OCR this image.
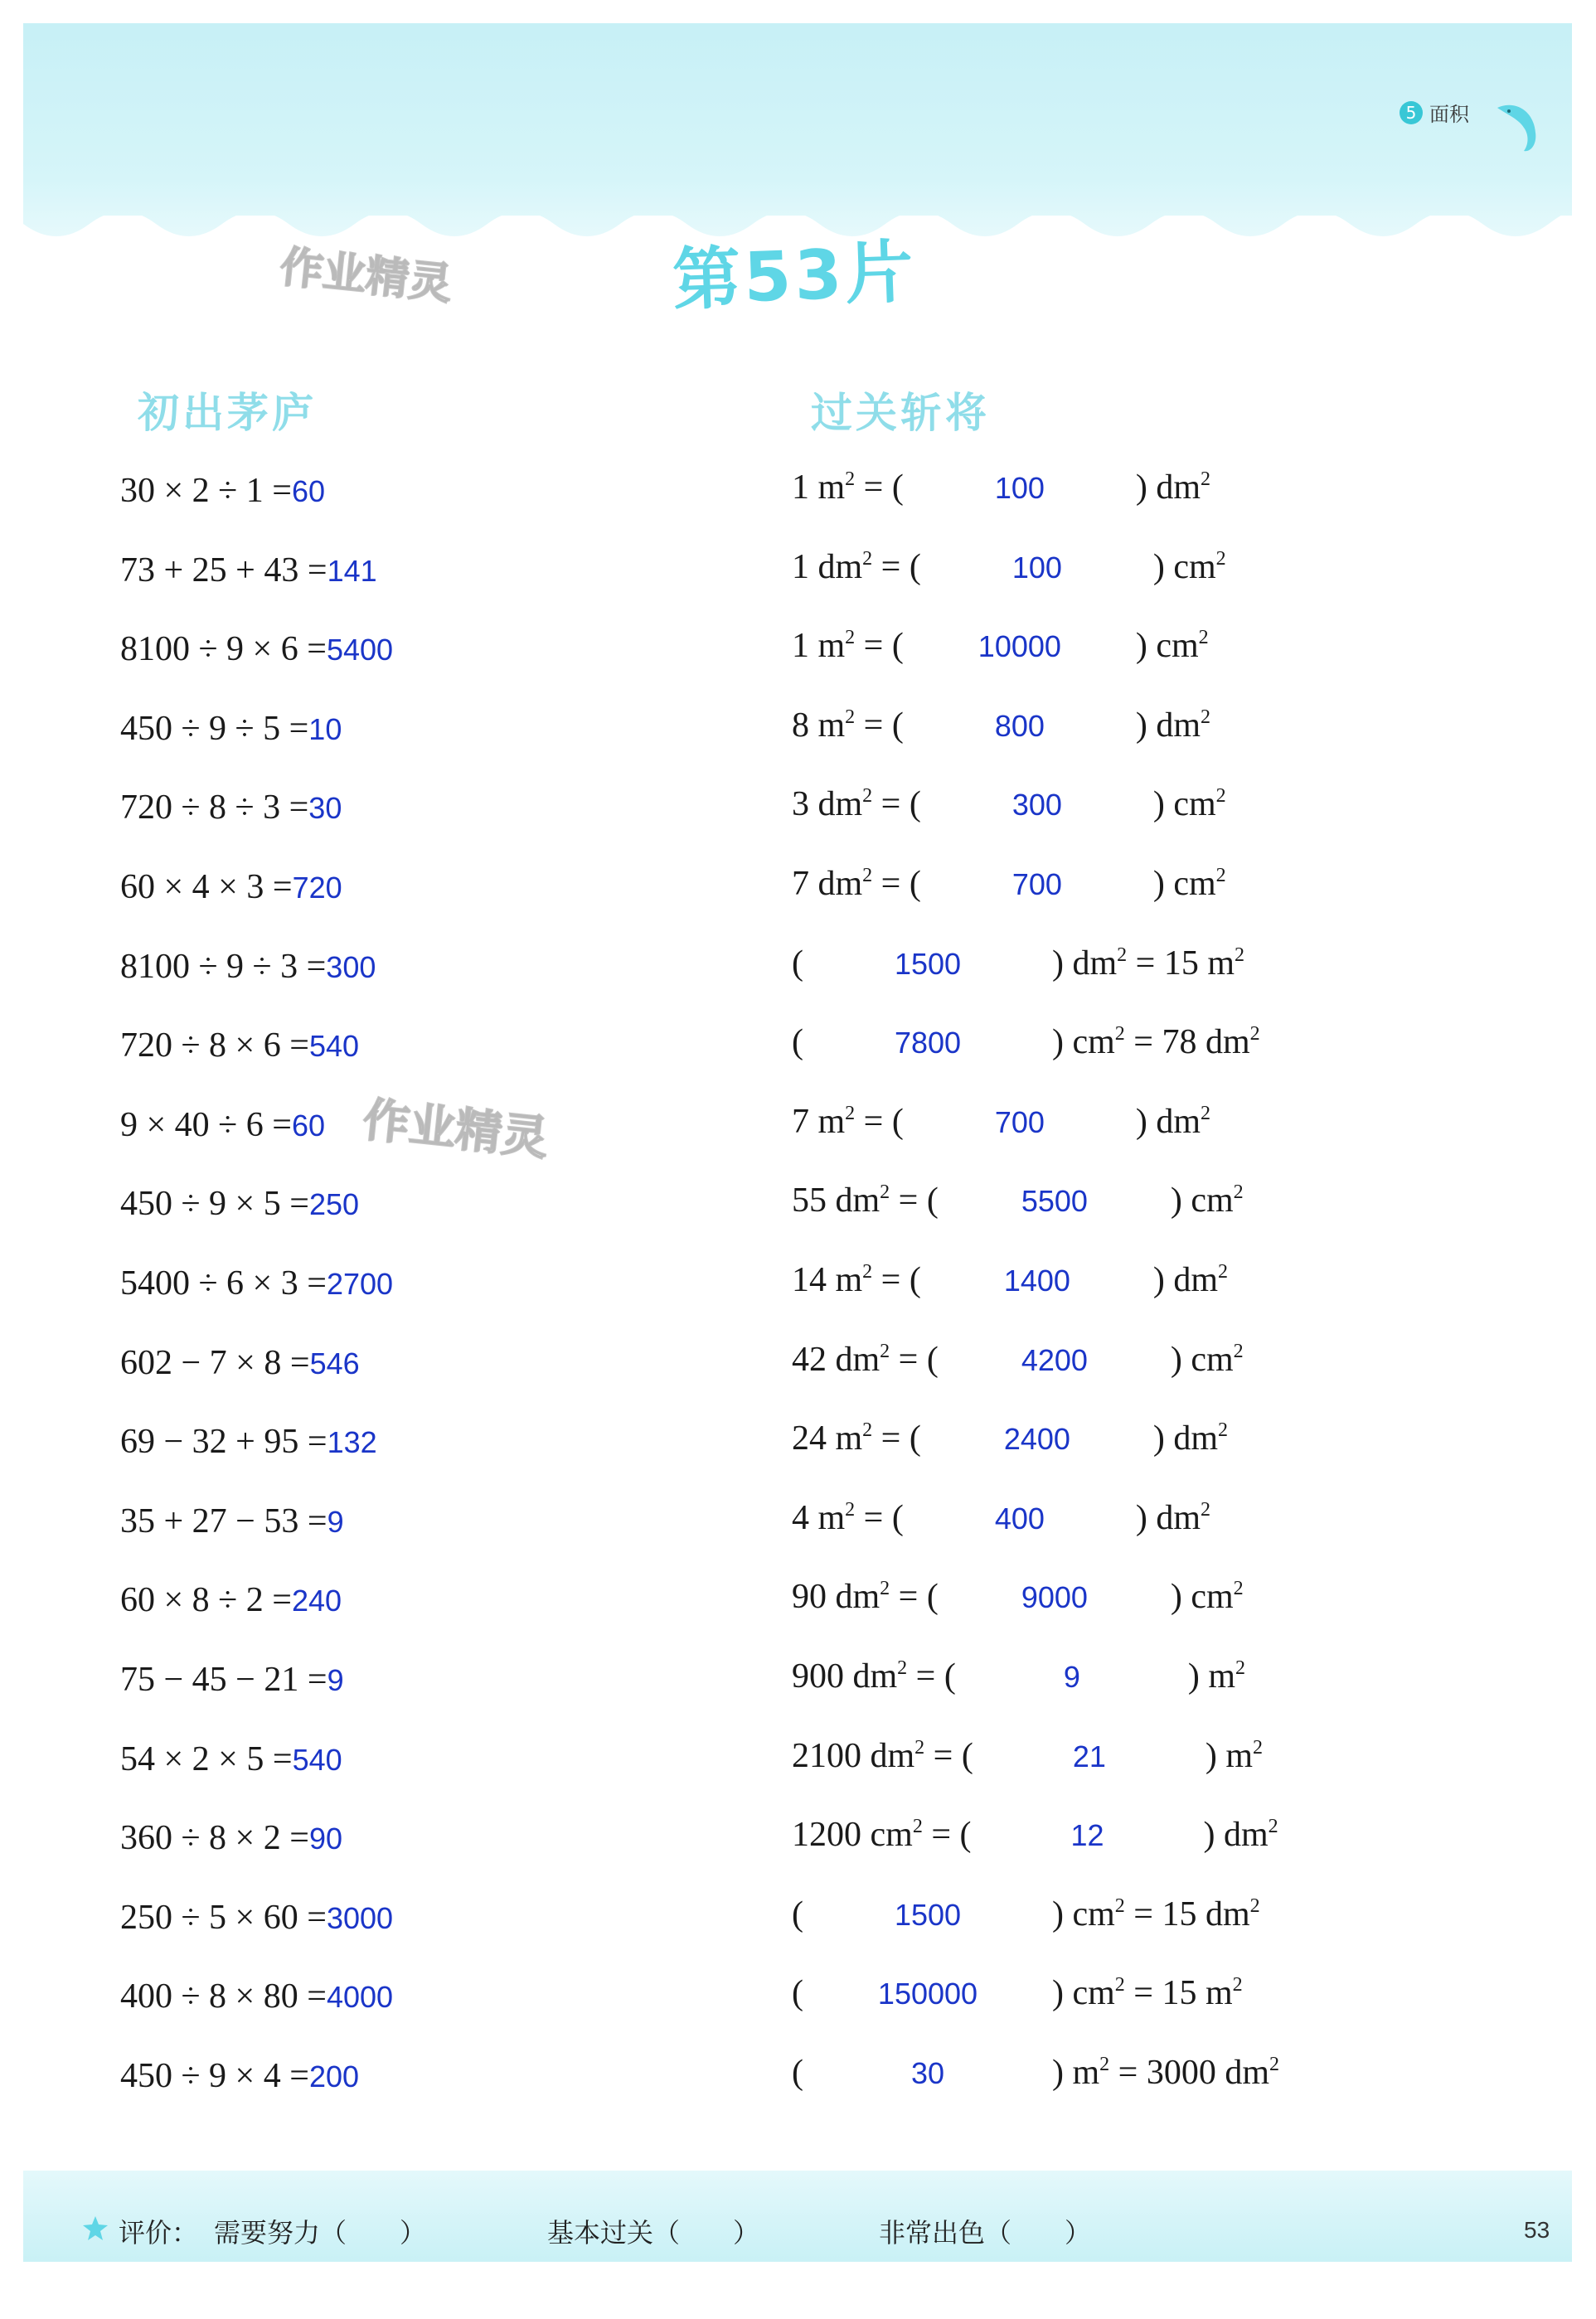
5 面积
第53片
作业精灵
作业精灵
初出茅庐	过关斩将
30 × 2 ÷ 1 =60
73 + 25 + 43 =141
8100 ÷ 9 × 6 =5400
450 ÷ 9 ÷ 5 =10
720 ÷ 8 ÷ 3 =30
60 × 4 × 3 =720
8100 ÷ 9 ÷ 3 =300
720 ÷ 8 × 6 =540
9 × 40 ÷ 6 =60
450 ÷ 9 × 5 =250
5400 ÷ 6 × 3 =2700
602 − 7 × 8 =546
69 − 32 + 95 =132
35 + 27 − 53 =9
60 × 8 ÷ 2 =240
75 − 45 − 21 =9
54 × 2 × 5 =540
360 ÷ 8 × 2 =90
250 ÷ 5 × 60 =3000
400 ÷ 8 × 80 =4000
450 ÷ 9 × 4 =200
1 $m^2$ = (	100	) $dm^2$
1 $dm^2$ = (	100	) $cm^2$
1 $m^2$ = ( 10000 ) $cm^2$
8 $m^2$ = (	800	) $dm^2$
3 $dm^2$ = (	300	) $cm^2$
7 $dm^2$ = (	700	) $cm^2$
(	1500	) $dm^2 = 15$ $m^2$
(	7800	) $cm^2 = 78$ $dm^2$
7 $m^2$ = (	700	) $dm^2$
55 $dm^2$ = (	5500 ) $cm^2$
14 $m^2$ = (	1400 ) $dm^2$
42 $dm^2$ = (	4200 ) $cm^2$
24 $m^2$ = (	2400 ) $dm^2$
4 $m^2$ = (	400	) $dm^2$
90 $dm^2$ = (	9000 ) $cm^2$
900 $dm^2$ = (	9	) $m^2$
2100 $dm^2$ = (	21	) $m^2$
1200 $cm^2$ = (	12	) $dm^2$
(	1500	) $cm^2 = 15$ $dm^2$
( 150000 ) $cm^2 = 15$ $m^2$
(	30	) $m^2 = 3000$ $dm^2$
评价： 需要努力（　　）	基本过关（　　）	非常出色（　　）	53
